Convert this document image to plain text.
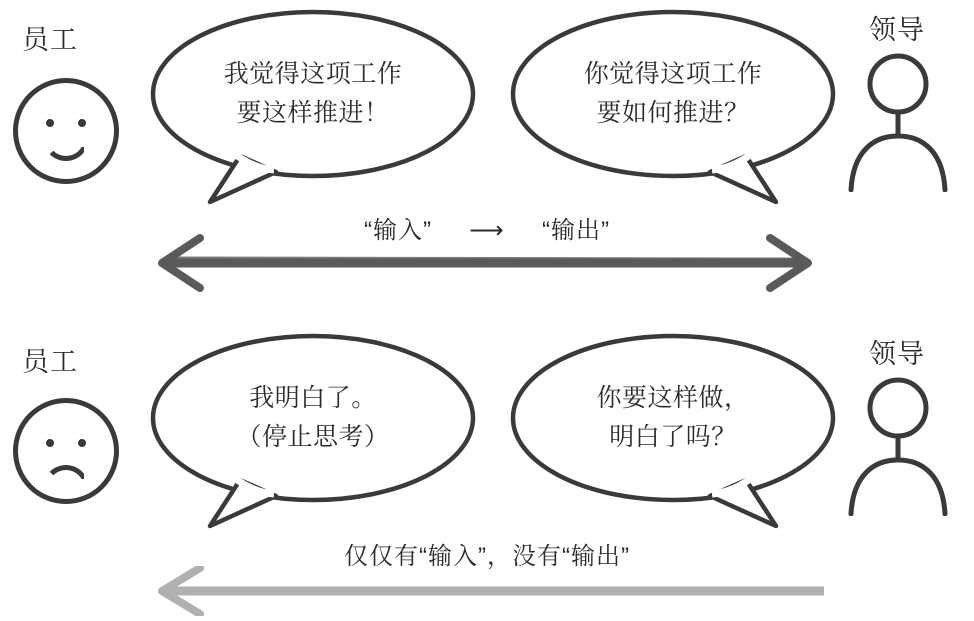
员工
我觉得这项工作
要这样推进！
你觉得这项工作
要如何推进？
领导
“输入” ⟶ “输出”
员工
我明白了。
（停止思考）
你要这样做，
明白了吗？
领导
仅仅有“输入”，没有“输出”
